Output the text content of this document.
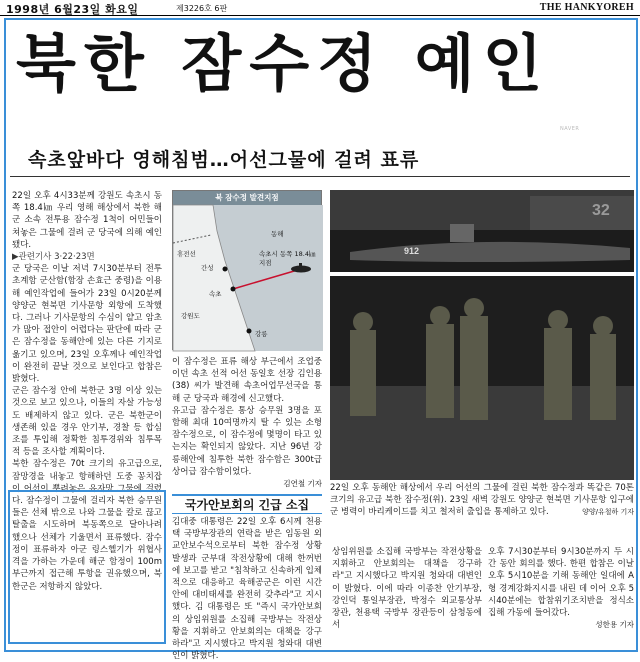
1998년 6월23일 화요일	제3226호 6판	THE HANKYOREH
북한 잠수정 예인
속초앞바다 영해침범…어선그물에 걸려 표류
NAVER

22일 오후 4시33분께 강원도 속초시 동쪽 18.4㎞ 우리 영해 해상에서 북한 해군 소속 전투용 잠수정 1척이 어민들이 쳐놓은 그물에 걸려 군 당국에 의해 예인됐다.

▶관련기사 3·22·23면

군 당국은 이날 저녁 7시30분부터 전투초계함 군산함(함장 손효근 중령)을 이용해 예인작업에 들어가 23일 0시20분께 양양군 현북면 기사문항 외항에 도착했다. 그러나 기사문항의 수심이 얕고 암초가 많아 접안이 어렵다는 판단에 따라 군은 잠수정을 동해안에 있는 다른 기지로 옮기고 있으며, 23일 오후께나 예인작업이 완전히 끝날 것으로 보인다고 합참은 밝혔다.

군은 잠수정 안에 북한군 3명 이상 있는 것으로 보고 있으나, 이들의 자살 가능성도 배제하지 않고 있다. 군은 북한군이 생존해 있을 경우 안기부, 경찰 등 합심조를 투입해 정확한 침투경위와 침투목적 등을 조사할 계획이다.

북한 잠수정은 70t 크기의 유고급으로, 잠망경을 내놓고 항해하던 도중 꽁치잡이 어선이 뿌려놓은 유자망 그물에 걸렸다. 잠수정이 그물에 걸리자 북한 승무원들은 선체 밖으로 나와 그물을 칼로 끊고 탈출을 시도하며 북동쪽으로 달아나려 했으나 선체가 기울면서 표류했다. 잠수정이 표류하자 아군 링스헬기가 위협사격을 가하는 가운데 해군 함정이 100m 부근까지 접근해 투항을 권유했으며, 북한군은 저항하지 않았다.

북 잠수정 발견지점
동해
휴전선
간성
속초
강원도
강릉
속초시 동쪽 18.4㎞ 지점

이 잠수정은 표류 해상 부근에서 조업중이던 속초 선적 어선 동일호 선장 김인용(38) 씨가 발견해 속초어업무선국을 통해 군 당국과 해경에 신고했다.

유고급 잠수정은 통상 승무원 3명을 포함해 최대 10여명까지 탈 수 있는 소형 잠수정으로, 이 잠수정에 몇명이 타고 있는지는 확인되지 않았다. 지난 96년 강릉해안에 침투한 북한 잠수함은 300t급 상어급 잠수함이었다.

김연철 기자
국가안보회의 긴급 소집

김대중 대통령은 22일 오후 6시께 천용택 국방부장관의 연락을 받은 임동원 외교안보수석으로부터 북한 잠수정 상황 발생과 군부대 작전상황에 대해 한꺼번에 보고를 받고 "침착하고 신속하게 입체적으로 대응하고 육해공군은 이런 시간 안에 대비태세를 완전히 갖추라"고 지시했다. 김 대통령은 또 "즉시 국가안보회의 상임위원를 소집해 국방부는 작전상황을 지휘하고 안보회의는 대책을 강구하라"고 지시했다고 박지원 청와대 대변인이 밝혔다.

상임위원를 소집해 국방부는 작전상황을 지휘하고 안보회의는 대책을 강구하라"고 지시했다고 박지원 청와대 대변인이 밝혔다. 이에 따라 이종찬 안기부장, 강인덕 통일부장관, 박정수 외교통상부 장관, 천용택 국방부 장관등이 삼청동에서

오후 7시30분부터 9시30분까지 두 시간 동안 회의를 했다. 한편 합참은 이날 오후 5시10분을 기해 동해안 일대에 A형 경계강화지시를 내린 데 이어 오후 5시40분에는 합참위기조치반을 정식소집해 가동에 들어갔다.

성한용 기자
32
912
22일 오후 동해안 해상에서 우리 어선의 그물에 걸린 북한 잠수정과 똑같은 70톤 크기의 유고급 북한 잠수정(위). 23일 새벽 강원도 양양군 현북면 기사문항 입구에 군 병력이 바리케이드를 치고 철저히 출입을 통제하고 있다.	양양/유철하 기자
